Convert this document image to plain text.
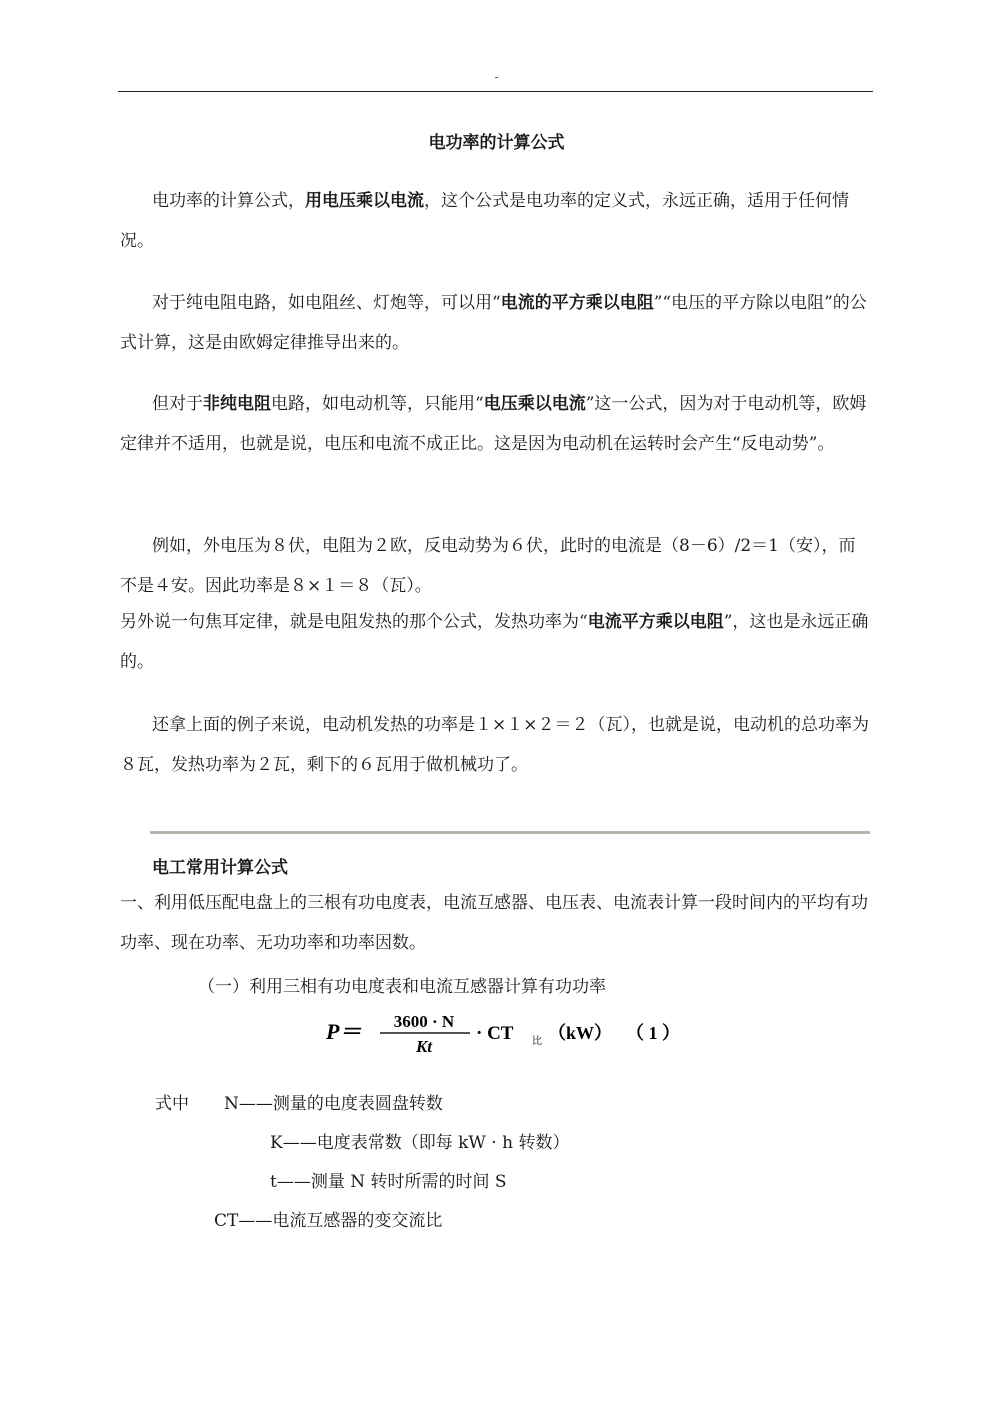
-
电功率的计算公式

电功率的计算公式，用电压乘以电流，这个公式是电功率的定义式，永远正确，适用于任何情况。

对于纯电阻电路，如电阻丝、灯炮等，可以用“电流的平方乘以电阻”“电压的平方除以电阻”的公式计算，这是由欧姆定律推导出来的。

但对于非纯电阻电路，如电动机等，只能用“电压乘以电流”这一公式，因为对于电动机等，欧姆定律并不适用，也就是说，电压和电流不成正比。这是因为电动机在运转时会产生“反电动势”。

例如，外电压为８伏，电阻为２欧，反电动势为６伏，此时的电流是（8－6）/2＝1（安），而不是４安。因此功率是８×１＝８（瓦）。

另外说一句焦耳定律，就是电阻发热的那个公式，发热功率为“电流平方乘以电阻”，这也是永远正确的。

还拿上面的例子来说，电动机发热的功率是１×１×２＝２（瓦），也就是说，电动机的总功率为８瓦，发热功率为２瓦，剩下的６瓦用于做机械功了。

电工常用计算公式

一、利用低压配电盘上的三根有功电度表，电流互感器、电压表、电流表计算一段时间内的平均有功功率、现在功率、无功功率和功率因数。

（一）利用三相有功电度表和电流互感器计算有功功率
P＝ 3600 · N
Kt
· CT 比 （kW） （ 1 ）
式中 N——测量的电度表圆盘转数
K——电度表常数（即每 kW · h 转数）
t——测量 N 转时所需的时间 S
CT——电流互感器的变交流比
